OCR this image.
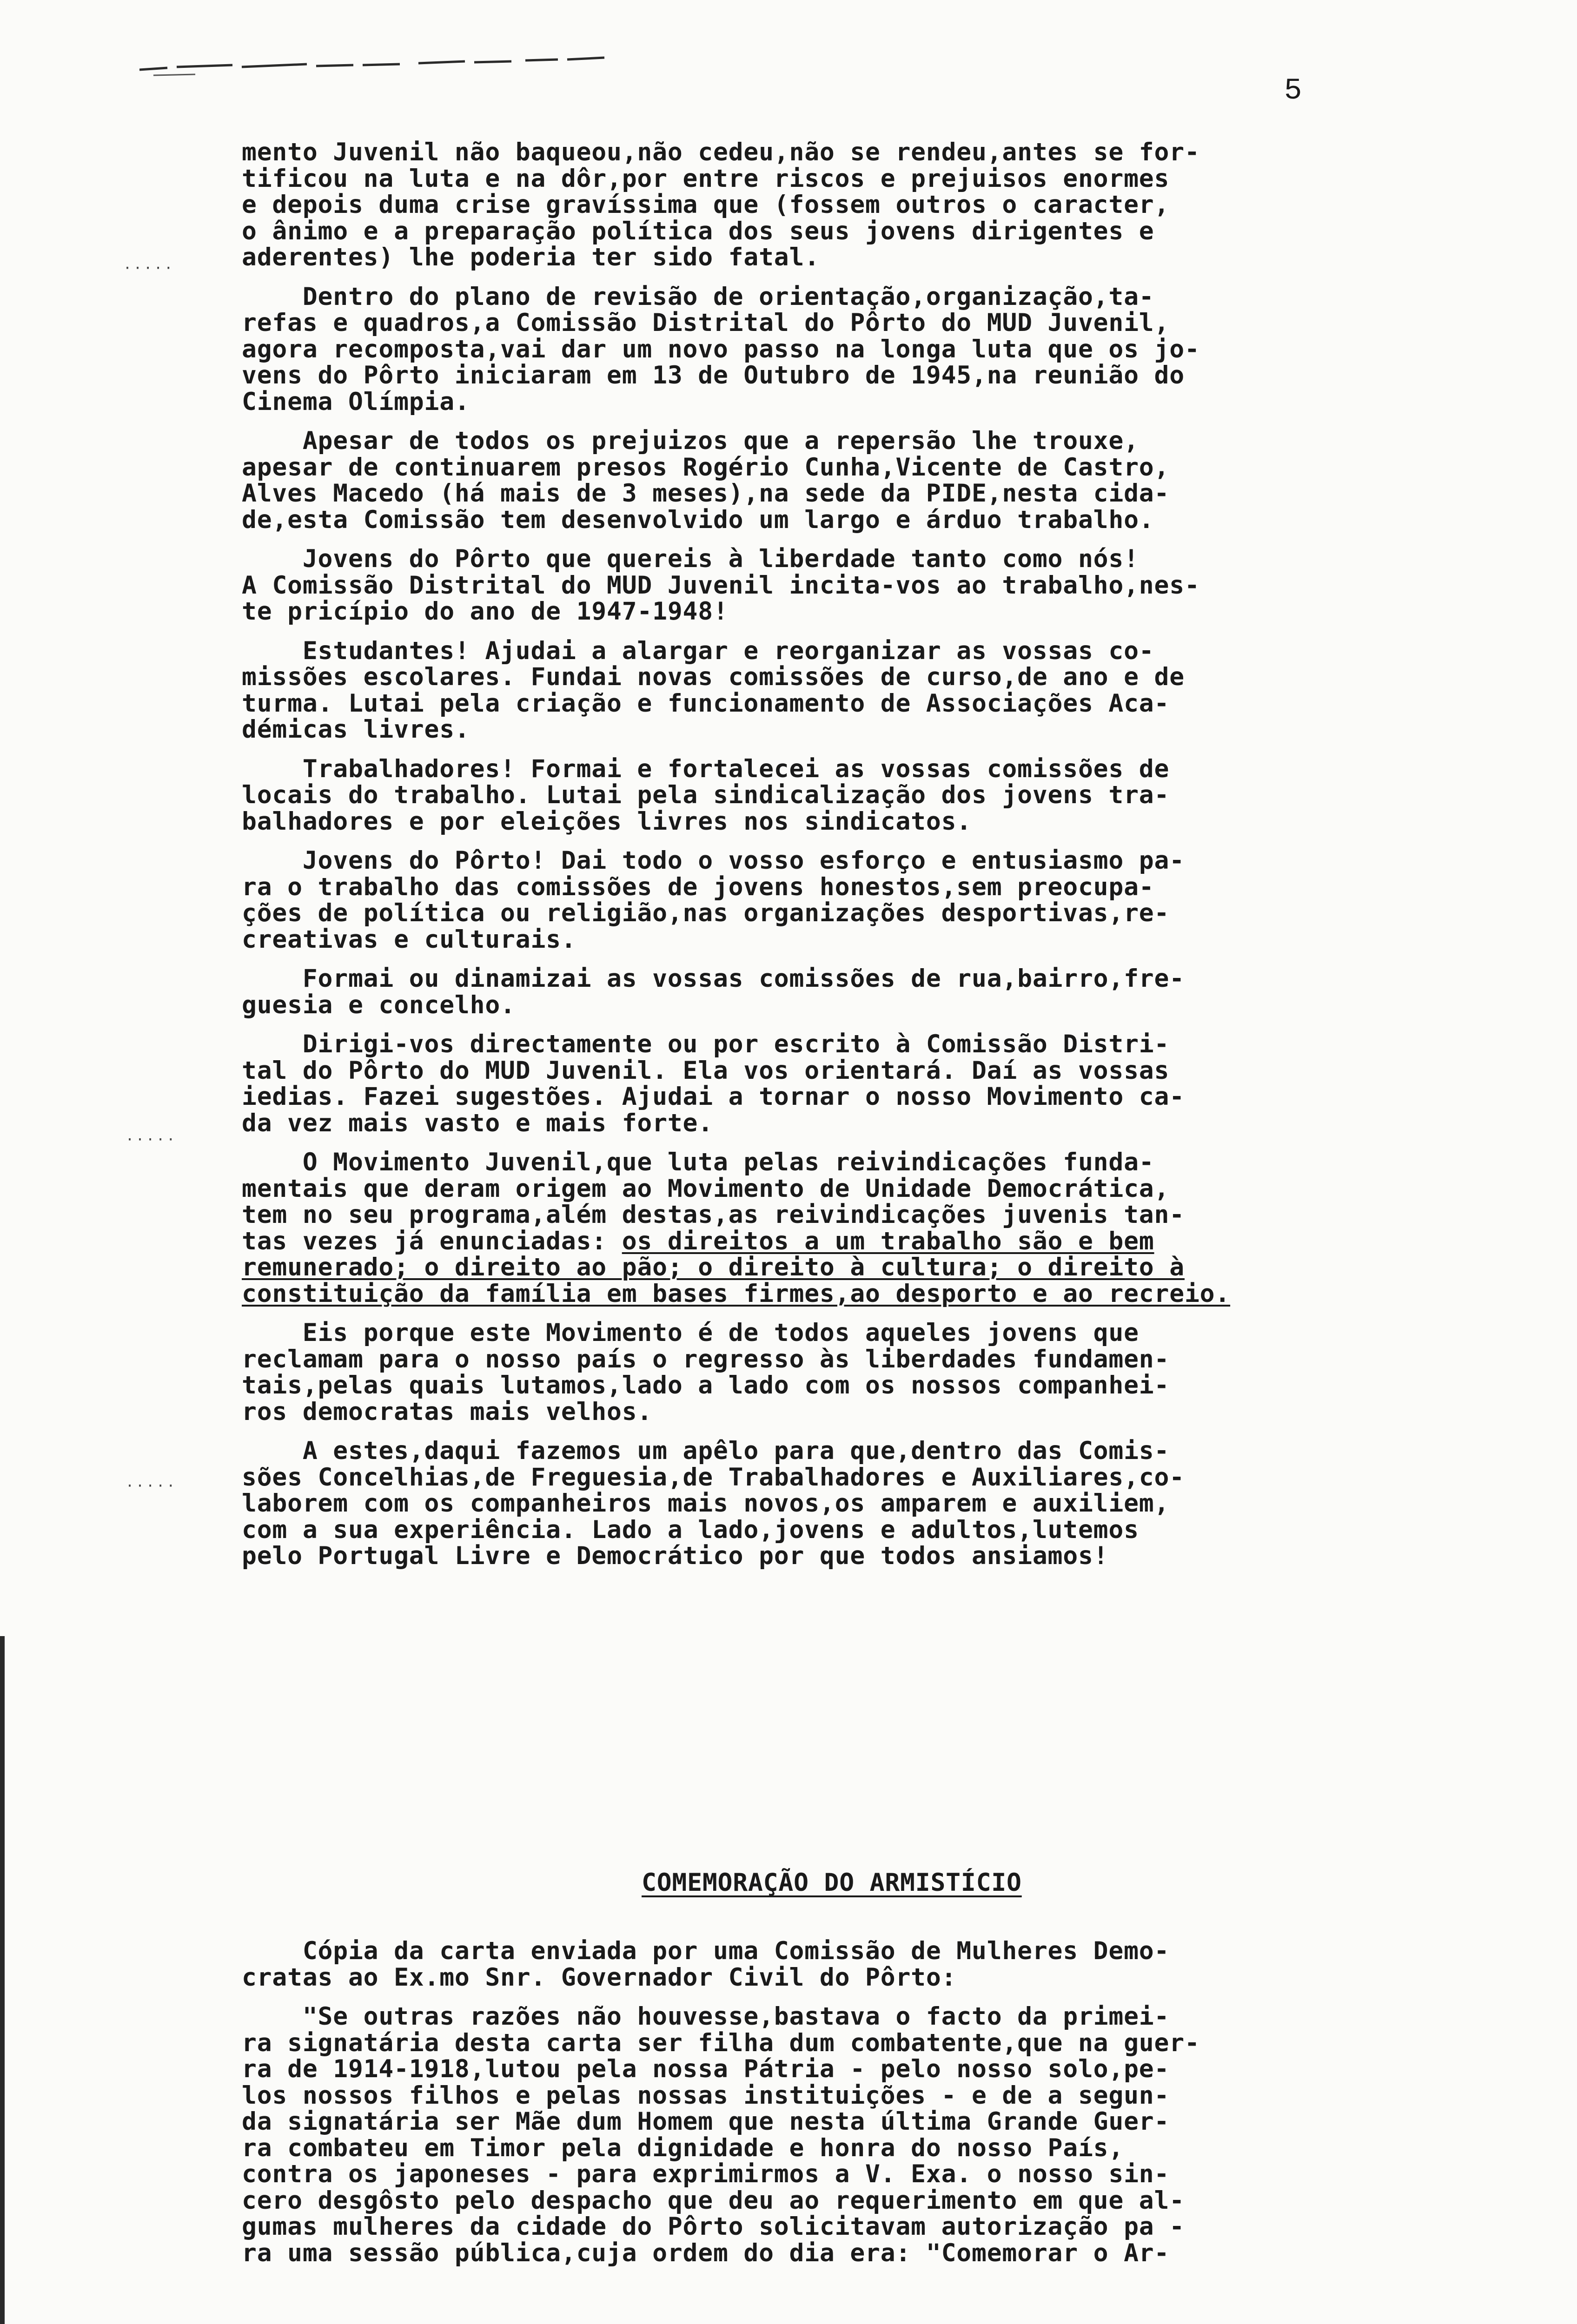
·····
·····
·····
5
mento Juvenil não baqueou,não cedeu,não se rendeu,antes se for-
tificou na luta e na dôr,por entre riscos e prejuisos enormes
e depois duma crise gravíssima que (fossem outros o caracter,
o ânimo e a preparação política dos seus jovens dirigentes e
aderentes) lhe poderia ter sido fatal.
Dentro do plano de revisão de orientação,organização,ta-
refas e quadros,a Comissão Distrital do Pôrto do MUD Juvenil,
agora recomposta,vai dar um novo passo na longa luta que os jo-
vens do Pôrto iniciaram em 13 de Outubro de 1945,na reunião do
Cinema Olímpia.
Apesar de todos os prejuizos que a repersão lhe trouxe,
apesar de continuarem presos Rogério Cunha,Vicente de Castro,
Alves Macedo (há mais de 3 meses),na sede da PIDE,nesta cida-
de,esta Comissão tem desenvolvido um largo e árduo trabalho.
Jovens do Pôrto que quereis à liberdade tanto como nós!
A Comissão Distrital do MUD Juvenil incita-vos ao trabalho,nes-
te pricípio do ano de 1947-1948!
Estudantes! Ajudai a alargar e reorganizar as vossas co-
missões escolares. Fundai novas comissões de curso,de ano e de
turma. Lutai pela criação e funcionamento de Associações Aca-
démicas livres.
Trabalhadores! Formai e fortalecei as vossas comissões de
locais do trabalho. Lutai pela sindicalização dos jovens tra-
balhadores e por eleições livres nos sindicatos.
Jovens do Pôrto! Dai todo o vosso esforço e entusiasmo pa-
ra o trabalho das comissões de jovens honestos,sem preocupa-
ções de política ou religião,nas organizações desportivas,re-
creativas e culturais.
Formai ou dinamizai as vossas comissões de rua,bairro,fre-
guesia e concelho.
Dirigi-vos directamente ou por escrito à Comissão Distri-
tal do Pôrto do MUD Juvenil. Ela vos orientará. Daí as vossas
iedias. Fazei sugestões. Ajudai a tornar o nosso Movimento ca-
da vez mais vasto e mais forte.
O Movimento Juvenil,que luta pelas reivindicações funda-
mentais que deram origem ao Movimento de Unidade Democrática,
tem no seu programa,além destas,as reivindicações juvenis tan-
tas vezes já enunciadas: os direitos a um trabalho são e bem
remunerado; o direito ao pão; o direito à cultura; o direito à
constituição da família em bases firmes,ao desporto e ao recreio.
Eis porque este Movimento é de todos aqueles jovens que
reclamam para o nosso país o regresso às liberdades fundamen-
tais,pelas quais lutamos,lado a lado com os nossos companhei-
ros democratas mais velhos.
A estes,daqui fazemos um apêlo para que,dentro das Comis-
sões Concelhias,de Freguesia,de Trabalhadores e Auxiliares,co-
laborem com os companheiros mais novos,os amparem e auxiliem,
com a sua experiência. Lado a lado,jovens e adultos,lutemos
pelo Portugal Livre e Democrático por que todos ansiamos!
COMEMORAÇÃO DO ARMISTÍCIO
Cópia da carta enviada por uma Comissão de Mulheres Demo-
cratas ao Ex.mo Snr. Governador Civil do Pôrto:
"Se outras razões não houvesse,bastava o facto da primei-
ra signatária desta carta ser filha dum combatente,que na guer-
ra de 1914-1918,lutou pela nossa Pátria - pelo nosso solo,pe-
los nossos filhos e pelas nossas instituições - e de a segun-
da signatária ser Mãe dum Homem que nesta última Grande Guer-
ra combateu em Timor pela dignidade e honra do nosso País,
contra os japoneses - para exprimirmos a V. Exa. o nosso sin-
cero desgôsto pelo despacho que deu ao requerimento em que al-
gumas mulheres da cidade do Pôrto solicitavam autorização pa -
ra uma sessão pública,cuja ordem do dia era: "Comemorar o Ar-
